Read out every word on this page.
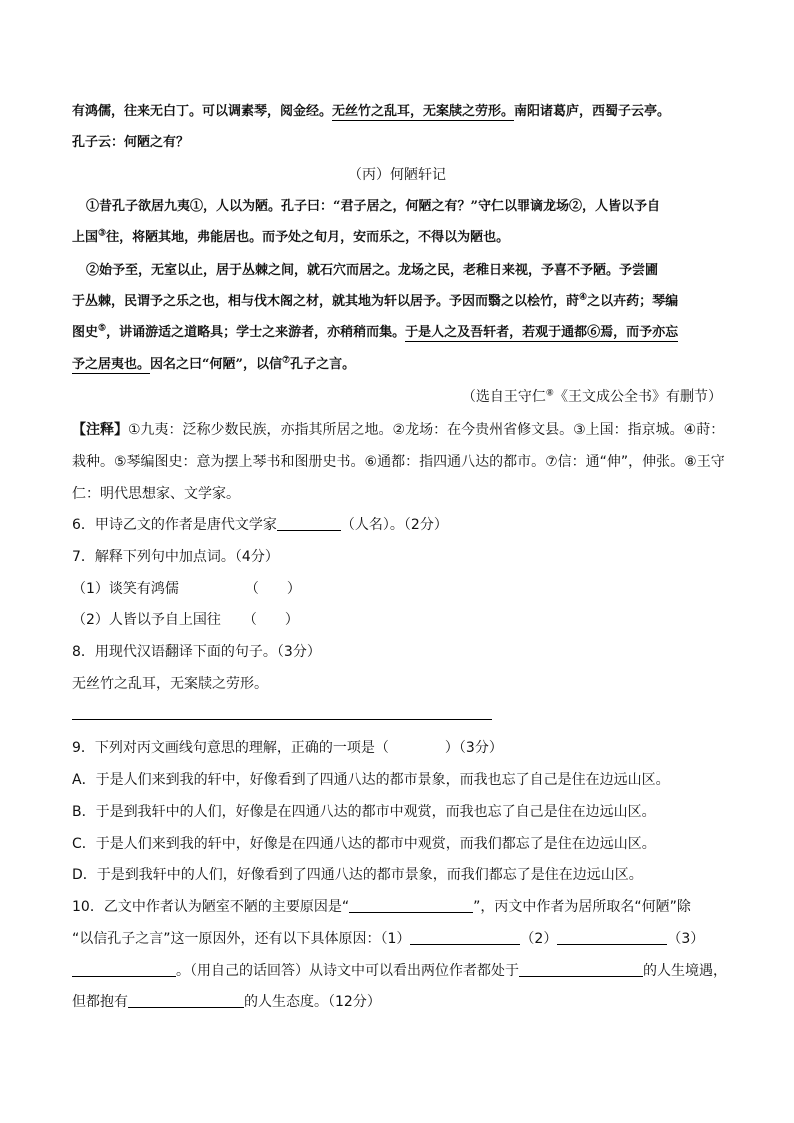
有鸿儒，往来无白丁。可以调素琴，阅金经。无丝竹之乱耳，无案牍之劳形。南阳诸葛庐，西蜀子云亭。
孔子云：何陋之有？
（丙）何陋轩记
①昔孔子欲居九夷①，人以为陋。孔子曰：“君子居之，何陋之有？”守仁以罪谪龙场②，人皆以予自
上国③往，将陋其地，弗能居也。而予处之旬月，安而乐之，不得以为陋也。
②始予至，无室以止，居于丛棘之间，就石穴而居之。龙场之民，老稚日来视，予喜不予陋。予尝圃
于丛棘，民谓予之乐之也，相与伐木阁之材，就其地为轩以居予。予因而翳之以桧竹，莳④之以卉药；琴编
图史⑤，讲诵游适之道略具；学士之来游者，亦稍稍而集。于是人之及吾轩者，若观于通都⑥焉，而予亦忘
予之居夷也。因名之曰“何陋”，以信⑦孔子之言。
（选自王守仁⑧《王文成公全书》有删节）
【注释】①九夷：泛称少数民族，亦指其所居之地。②龙场：在今贵州省修文县。③上国：指京城。④莳：
栽种。⑤琴编图史：意为摆上琴书和图册史书。⑥通都：指四通八达的都市。⑦信：通“伸”，伸张。⑧王守
仁：明代思想家、文学家。
6．甲诗乙文的作者是唐代文学家	（人名）。（2分）
7．解释下列句中加点词。（4分）
（1）谈笑有鸿儒	（　　）
（2）人皆以予自上国往 （　　）
8．用现代汉语翻译下面的句子。（3分）
无丝竹之乱耳，无案牍之劳形。
9．下列对丙文画线句意思的理解，正确的一项是（　　　　）（3分）
A．于是人们来到我的轩中，好像看到了四通八达的都市景象，而我也忘了自己是住在边远山区。
B．于是到我轩中的人们，好像是在四通八达的都市中观赏，而我也忘了自己是住在边远山区。
C．于是人们来到我的轩中，好像是在四通八达的都市中观赏，而我们都忘了是住在边远山区。
D．于是到我轩中的人们，好像看到了四通八达的都市景象，而我们都忘了是住在边远山区。
10．乙文中作者认为陋室不陋的主要原因是“	”，丙文中作者为居所取名“何陋”除
“以信孔子之言”这一原因外，还有以下具体原因：（1）	（2）	（3）
。（用自己的话回答）从诗文中可以看出两位作者都处于	的人生境遇，
但都抱有	的人生态度。（12分）
